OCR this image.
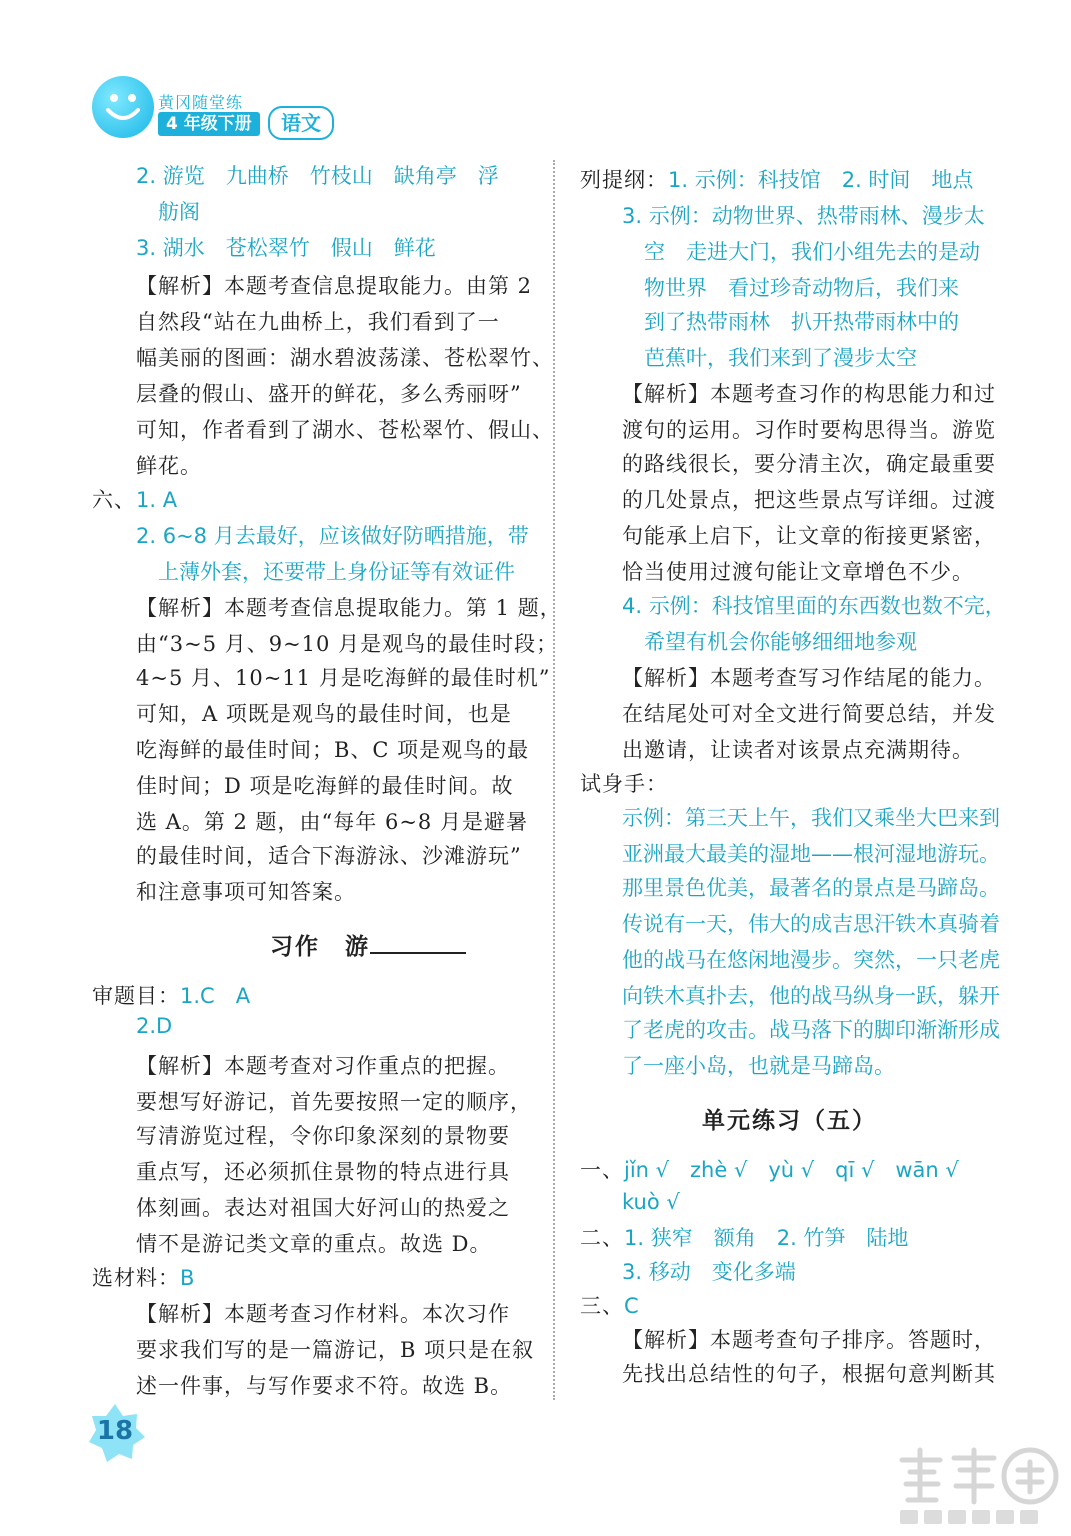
黄冈随堂练
4 年级下册	语文
2. 游览　九曲桥　竹枝山　缺角亭　浮
舫阁
3. 湖水　苍松翠竹　假山　鲜花
【解析】本题考查信息提取能力。由第 2
自然段“站在九曲桥上，我们看到了一
幅美丽的图画：湖水碧波荡漾、苍松翠竹、
层叠的假山、盛开的鲜花，多么秀丽呀”
可知，作者看到了湖水、苍松翠竹、假山、
鲜花。
六、1. A
2. 6~8 月去最好，应该做好防晒措施，带
上薄外套，还要带上身份证等有效证件
【解析】本题考查信息提取能力。第 1 题，
由“3~5 月、9~10 月是观鸟的最佳时段；
4~5 月、10~11 月是吃海鲜的最佳时机”
可知，A 项既是观鸟的最佳时间，也是
吃海鲜的最佳时间；B、C 项是观鸟的最
佳时间；D 项是吃海鲜的最佳时间。故
选 A。第 2 题，由“每年 6~8 月是避暑
的最佳时间，适合下海游泳、沙滩游玩”
和注意事项可知答案。
习作　游
审题目：1.C　A
2.D
【解析】本题考查对习作重点的把握。
要想写好游记，首先要按照一定的顺序，
写清游览过程，令你印象深刻的景物要
重点写，还必须抓住景物的特点进行具
体刻画。表达对祖国大好河山的热爱之
情不是游记类文章的重点。故选 D。
选材料：B
【解析】本题考查习作材料。本次习作
要求我们写的是一篇游记，B 项只是在叙
述一件事，与写作要求不符。故选 B。
列提纲：1. 示例：科技馆　2. 时间　地点
3. 示例：动物世界、热带雨林、漫步太
空　走进大门，我们小组先去的是动
物世界　看过珍奇动物后，我们来
到了热带雨林　扒开热带雨林中的
芭蕉叶，我们来到了漫步太空
【解析】本题考查习作的构思能力和过
渡句的运用。习作时要构思得当。游览
的路线很长，要分清主次，确定最重要
的几处景点，把这些景点写详细。过渡
句能承上启下，让文章的衔接更紧密，
恰当使用过渡句能让文章增色不少。
4. 示例：科技馆里面的东西数也数不完，
希望有机会你能够细细地参观
【解析】本题考查写习作结尾的能力。
在结尾处可对全文进行简要总结，并发
出邀请，让读者对该景点充满期待。
试身手：
示例：第三天上午，我们又乘坐大巴来到
亚洲最大最美的湿地——根河湿地游玩。
那里景色优美，最著名的景点是马蹄岛。
传说有一天，伟大的成吉思汗铁木真骑着
他的战马在悠闲地漫步。突然，一只老虎
向铁木真扑去，他的战马纵身一跃，躲开
了老虎的攻击。战马落下的脚印渐渐形成
了一座小岛，也就是马蹄岛。
单元练习（五）
一、jǐn √　zhè √　yù √　qī √　wān √
kuò √
二、1. 狭窄　额角　2. 竹笋　陆地
3. 移动　变化多端
三、C
【解析】本题考查句子排序。答题时，
先找出总结性的句子，根据句意判断其
18
